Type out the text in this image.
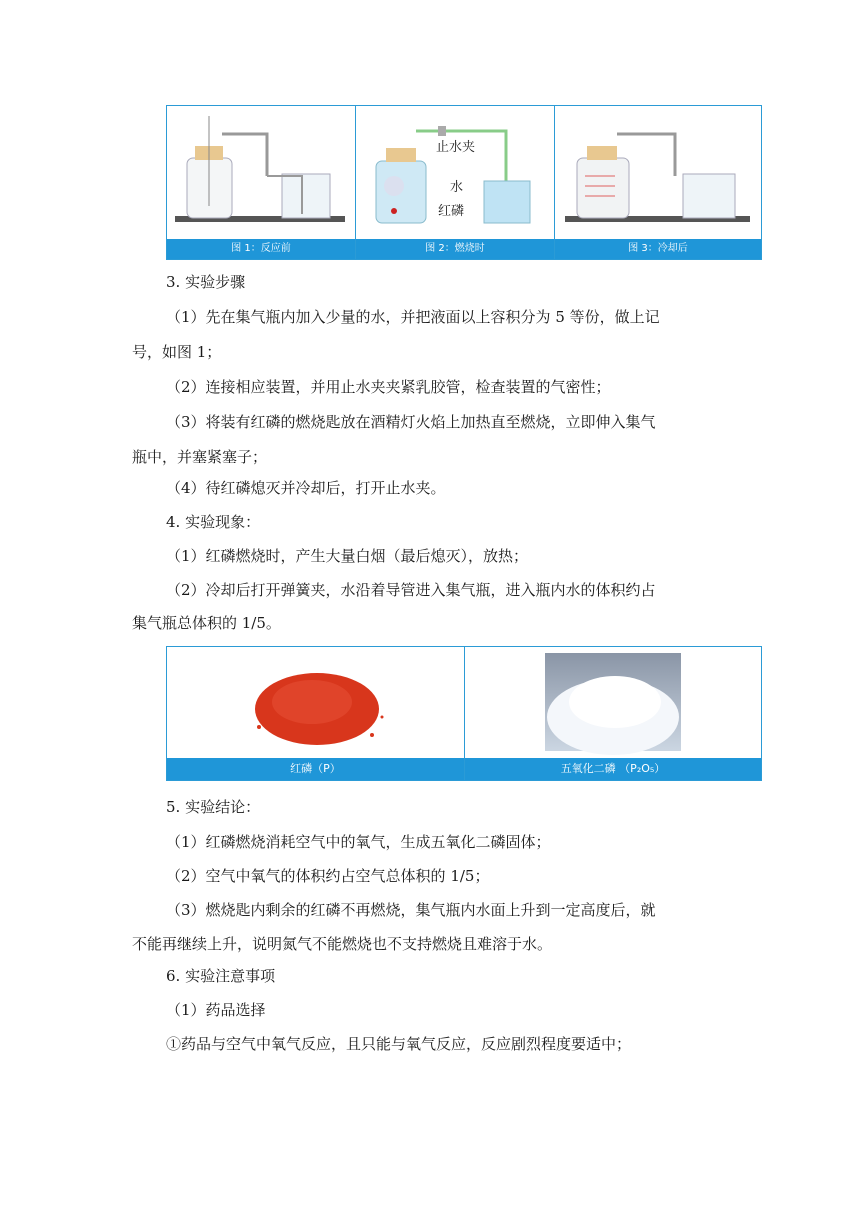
图 1：反应前
止水夹
水
红磷
图 2：燃烧时	图 3：冷却后
3. 实验步骤
（1）先在集气瓶内加入少量的水，并把液面以上容积分为 5 等份，做上记
号，如图 1；
（2）连接相应装置，并用止水夹夹紧乳胶管，检查装置的气密性；
（3）将装有红磷的燃烧匙放在酒精灯火焰上加热直至燃烧，立即伸入集气
瓶中，并塞紧塞子；
（4）待红磷熄灭并冷却后，打开止水夹。
4. 实验现象：
（1）红磷燃烧时，产生大量白烟（最后熄灭），放热；
（2）冷却后打开弹簧夹，水沿着导管进入集气瓶，进入瓶内水的体积约占
集气瓶总体积的 1/5。
红磷（P）	五氧化二磷 （P₂O₅）
5. 实验结论：
（1）红磷燃烧消耗空气中的氧气，生成五氧化二磷固体；
（2）空气中氧气的体积约占空气总体积的 1/5；
（3）燃烧匙内剩余的红磷不再燃烧，集气瓶内水面上升到一定高度后，就
不能再继续上升，说明氮气不能燃烧也不支持燃烧且难溶于水。
6. 实验注意事项
（1）药品选择
①药品与空气中氧气反应，且只能与氧气反应，反应剧烈程度要适中；
